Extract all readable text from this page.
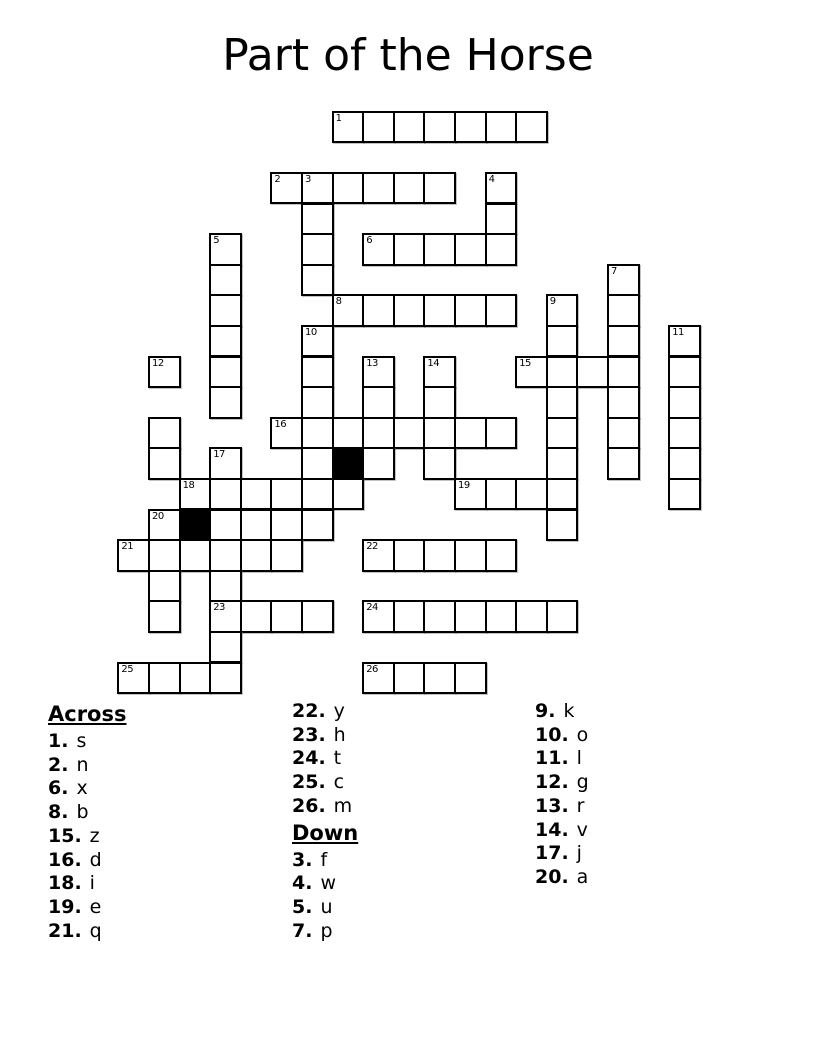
Part of the Horse
1
2 3	4
5	6
7
8	9
10	11
12	13	14	15
16
17
18	19
20
21	22
23	24
25	26
Across
1. s
2. n
6. x
8. b
15. z
16. d
18. i
19. e
21. q
22. y
23. h
24. t
25. c
26. m
Down
3. f
4. w
5. u
7. p
9. k
10. o
11. l
12. g
13. r
14. v
17. j
20. a
